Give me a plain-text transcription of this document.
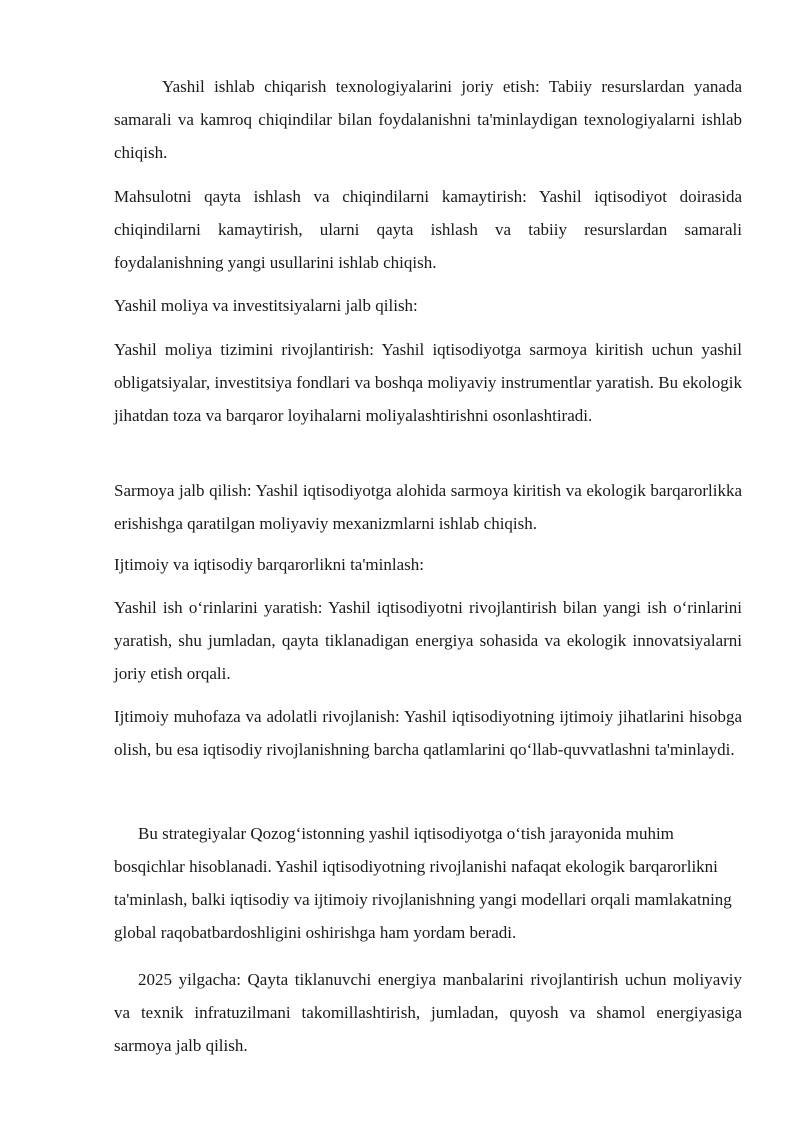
Yashil ishlab chiqarish texnologiyalarini joriy etish: Tabiiy resurslardan yanada samarali va kamroq chiqindilar bilan foydalanishni ta'minlaydigan texnologiyalarni ishlab chiqish.

Mahsulotni qayta ishlash va chiqindilarni kamaytirish: Yashil iqtisodiyot doirasida chiqindilarni kamaytirish, ularni qayta ishlash va tabiiy resurslardan samarali foydalanishning yangi usullarini ishlab chiqish.

Yashil moliya va investitsiyalarni jalb qilish:

Yashil moliya tizimini rivojlantirish: Yashil iqtisodiyotga sarmoya kiritish uchun yashil obligatsiyalar, investitsiya fondlari va boshqa moliyaviy instrumentlar yaratish. Bu ekologik jihatdan toza va barqaror loyihalarni moliyalashtirishni osonlashtiradi.

Sarmoya jalb qilish: Yashil iqtisodiyotga alohida sarmoya kiritish va ekologik barqarorlikka erishishga qaratilgan moliyaviy mexanizmlarni ishlab chiqish.

Ijtimoiy va iqtisodiy barqarorlikni ta'minlash:

Yashil ish o‘rinlarini yaratish: Yashil iqtisodiyotni rivojlantirish bilan yangi ish o‘rinlarini yaratish, shu jumladan, qayta tiklanadigan energiya sohasida va ekologik innovatsiyalarni joriy etish orqali.

Ijtimoiy muhofaza va adolatli rivojlanish: Yashil iqtisodiyotning ijtimoiy jihatlarini hisobga olish, bu esa iqtisodiy rivojlanishning barcha qatlamlarini qo‘llab-quvvatlashni ta'minlaydi.

Bu strategiyalar Qozog‘istonning yashil iqtisodiyotga o‘tish jarayonida muhim bosqichlar hisoblanadi. Yashil iqtisodiyotning rivojlanishi nafaqat ekologik barqarorlikni ta'minlash, balki iqtisodiy va ijtimoiy rivojlanishning yangi modellari orqali mamlakatning global raqobatbardoshligini oshirishga ham yordam beradi.

2025 yilgacha: Qayta tiklanuvchi energiya manbalarini rivojlantirish uchun moliyaviy va texnik infratuzilmani takomillashtirish, jumladan, quyosh va shamol energiyasiga sarmoya jalb qilish.
